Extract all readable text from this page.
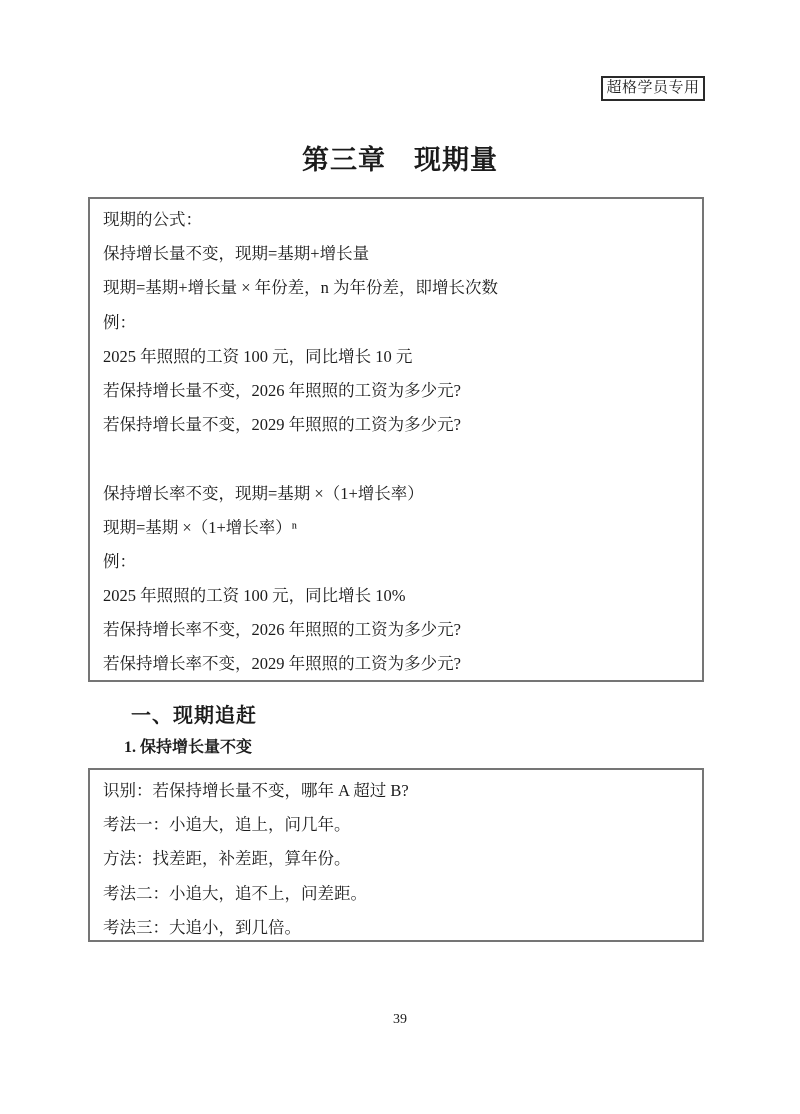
超格学员专用
第三章　现期量
现期的公式：
保持增长量不变，现期=基期+增长量
现期=基期+增长量 × 年份差，n 为年份差，即增长次数
例：
2025 年照照的工资 100 元，同比增长 10 元
若保持增长量不变，2026 年照照的工资为多少元?
若保持增长量不变，2029 年照照的工资为多少元?
保持增长率不变，现期=基期 ×（1+增长率）
现期=基期 ×（1+增长率）ⁿ
例：
2025 年照照的工资 100 元，同比增长 10%
若保持增长率不变，2026 年照照的工资为多少元?
若保持增长率不变，2029 年照照的工资为多少元?
一、现期追赶
1. 保持增长量不变
识别：若保持增长量不变，哪年 A 超过 B?
考法一：小追大，追上，问几年。
方法：找差距，补差距，算年份。
考法二：小追大，追不上，问差距。
考法三：大追小，到几倍。
39
